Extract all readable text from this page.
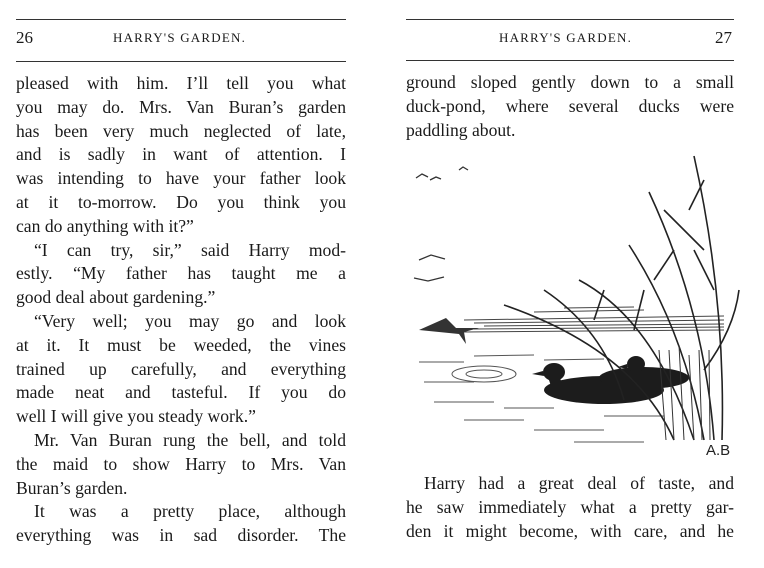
26	HARRY'S GARDEN.
pleased with him. I’ll tell you what
you may do. Mrs. Van Buran’s garden
has been very much neglected of late,
and is sadly in want of attention. I
was intending to have your father look
at it to-morrow. Do you think you
can do anything with it?”
“I can try, sir,” said Harry mod-
estly. “My father has taught me a
good deal about gardening.”
“Very well; you may go and look
at it. It must be weeded, the vines
trained up carefully, and everything
made neat and tasteful. If you do
well I will give you steady work.”
Mr. Van Buran rung the bell, and told
the maid to show Harry to Mrs. Van
Buran’s garden.
It was a pretty place, although
everything was in sad disorder. The
HARRY'S GARDEN.	27
ground sloped gently down to a small
duck-pond, where several ducks were
paddling about.
A.B
Harry had a great deal of taste, and
he saw immediately what a pretty gar-
den it might become, with care, and he
